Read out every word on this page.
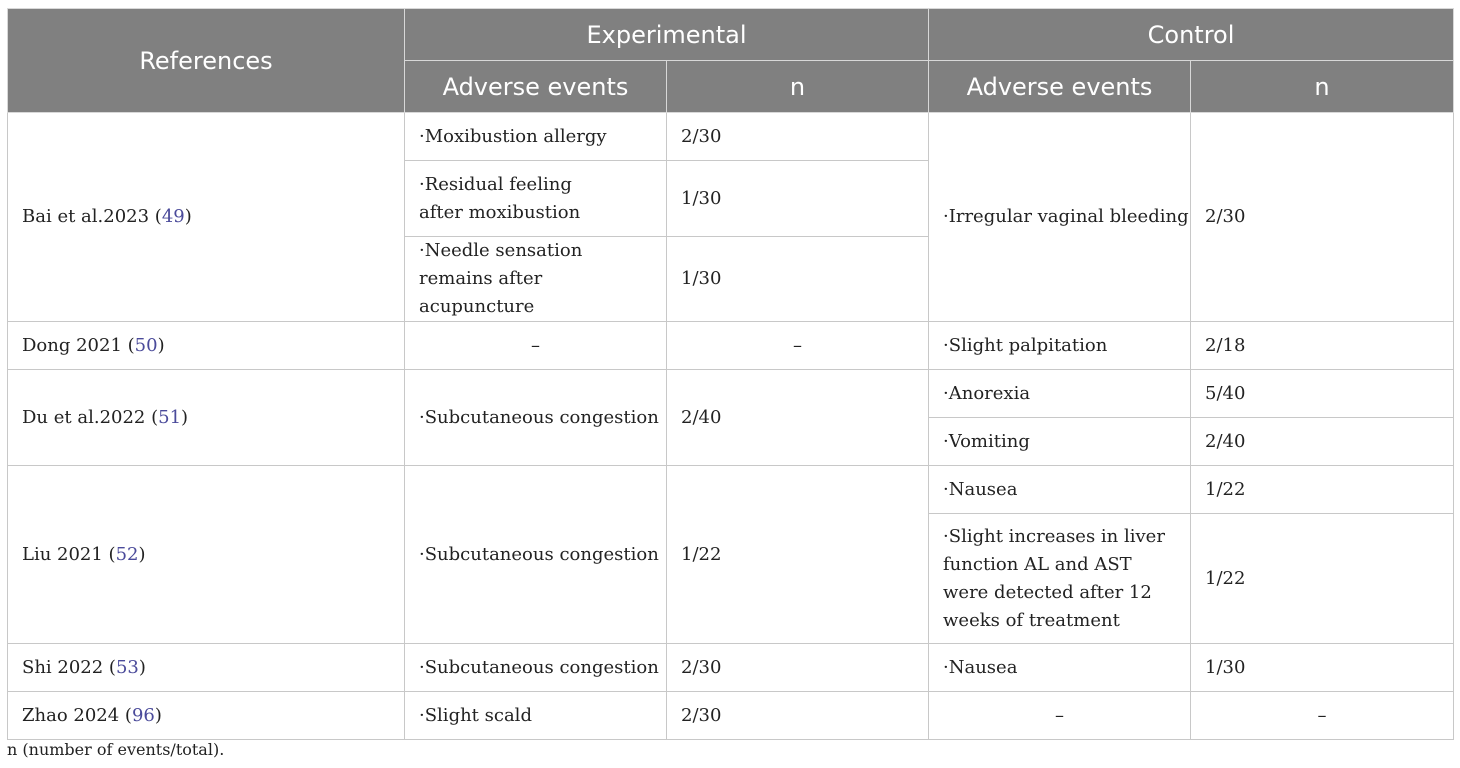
References	Experimental		Control	
	Adverse events	n	Adverse events	n
Bai et al.2023 (49)	·Moxibustion allergy	2/30	·Irregular vaginal bleeding	2/30
	·Residual feeling after moxibustion	1/30		
	·Needle sensation remains after acupuncture	1/30		
Dong 2021 (50)	–	–	·Slight palpitation	2/18
Du et al.2022 (51)	·Subcutaneous congestion	2/40	·Anorexia	5/40
			·Vomiting	2/40
Liu 2021 (52)	·Subcutaneous congestion	1/22	·Nausea	1/22
			·Slight increases in liver function AL and AST were detected after 12 weeks of treatment	1/22
Shi 2022 (53)	·Subcutaneous congestion	2/30	·Nausea	1/30
Zhao 2024 (96)	·Slight scald	2/30	–	–
n (number of events/total).
